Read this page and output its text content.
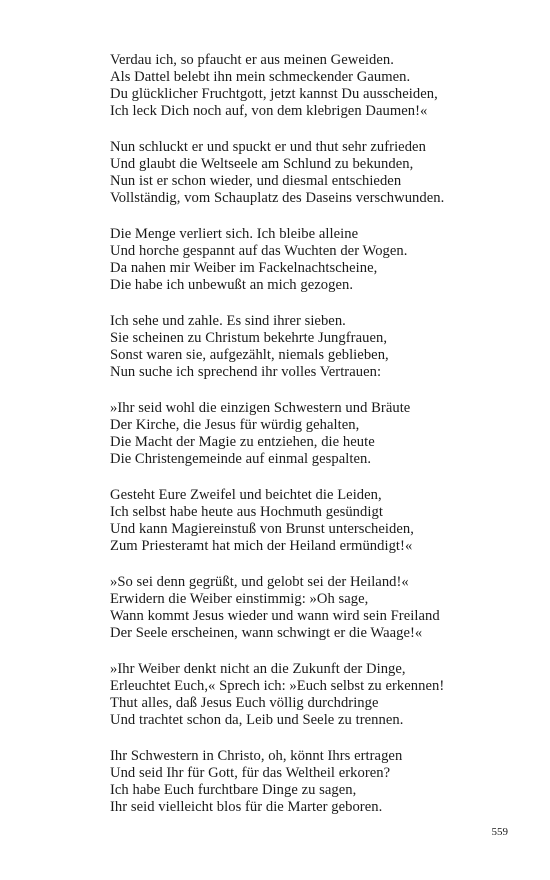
Verdau ich, so pfaucht er aus meinen Geweiden.
Als Dattel belebt ihn mein schmeckender Gaumen.
Du glücklicher Fruchtgott, jetzt kannst Du ausscheiden,
Ich leck Dich noch auf, von dem klebrigen Daumen!«
Nun schluckt er und spuckt er und thut sehr zufrieden
Und glaubt die Weltseele am Schlund zu bekunden,
Nun ist er schon wieder, und diesmal entschieden
Vollständig, vom Schauplatz des Daseins verschwunden.
Die Menge verliert sich. Ich bleibe alleine
Und horche gespannt auf das Wuchten der Wogen.
Da nahen mir Weiber im Fackelnachtscheine,
Die habe ich unbewußt an mich gezogen.
Ich sehe und zahle. Es sind ihrer sieben.
Sie scheinen zu Christum bekehrte Jungfrauen,
Sonst waren sie, aufgezählt, niemals geblieben,
Nun suche ich sprechend ihr volles Vertrauen:
»Ihr seid wohl die einzigen Schwestern und Bräute
Der Kirche, die Jesus für würdig gehalten,
Die Macht der Magie zu entziehen, die heute
Die Christengemeinde auf einmal gespalten.
Gesteht Eure Zweifel und beichtet die Leiden,
Ich selbst habe heute aus Hochmuth gesündigt
Und kann Magiereinstuß von Brunst unterscheiden,
Zum Priesteramt hat mich der Heiland ermündigt!«
»So sei denn gegrüßt, und gelobt sei der Heiland!«
Erwidern die Weiber einstimmig: »Oh sage,
Wann kommt Jesus wieder und wann wird sein Freiland
Der Seele erscheinen, wann schwingt er die Waage!«
»Ihr Weiber denkt nicht an die Zukunft der Dinge,
Erleuchtet Euch,« Sprech ich: »Euch selbst zu erkennen!
Thut alles, daß Jesus Euch völlig durchdringe
Und trachtet schon da, Leib und Seele zu trennen.
Ihr Schwestern in Christo, oh, könnt Ihrs ertragen
Und seid Ihr für Gott, für das Weltheil erkoren?
Ich habe Euch furchtbare Dinge zu sagen,
Ihr seid vielleicht blos für die Marter geboren.
559
